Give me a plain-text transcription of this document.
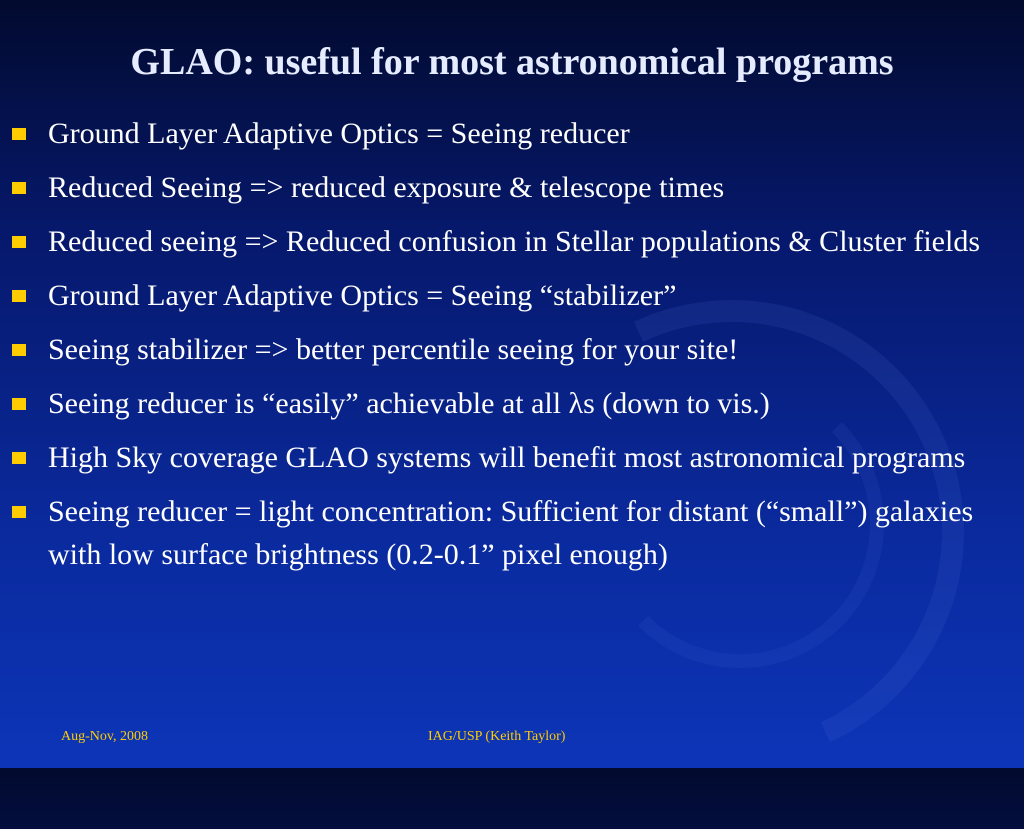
GLAO: useful for most astronomical programs
Ground Layer Adaptive Optics = Seeing reducer
Reduced Seeing => reduced exposure & telescope times
Reduced seeing => Reduced confusion in Stellar populations & Cluster fields
Ground Layer Adaptive Optics = Seeing “stabilizer”
Seeing stabilizer => better percentile seeing for your site!
Seeing reducer is “easily” achievable at all λs (down to vis.)
High Sky coverage GLAO systems will benefit most astronomical programs
Seeing reducer = light concentration: Sufficient for distant (“small”) galaxies with low surface brightness (0.2-0.1” pixel enough)
Aug-Nov, 2008	IAG/USP (Keith Taylor)
